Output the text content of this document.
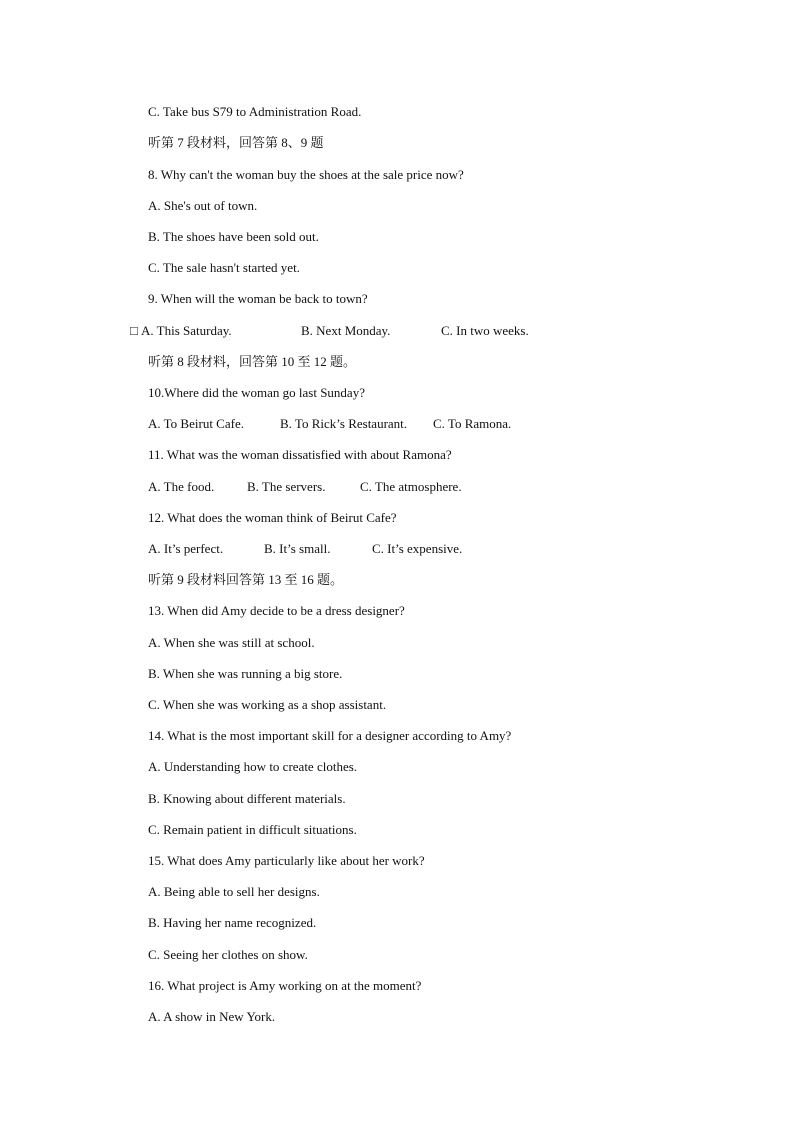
C. Take bus S79 to Administration Road.
听第 7 段材料，回答第 8、9 题
8. Why can't the woman buy the shoes at the sale price now?
A. She's out of town.
B. The shoes have been sold out.
C. The sale hasn't started yet.
9. When will the woman be back to town?
□ A. This Saturday.	B. Next Monday.	C. In two weeks.
听第 8 段材料，回答第 10 至 12 题。
10.Where did the woman go last Sunday?
A. To Beirut Cafe.	B. To Rick’s Restaurant. C. To Ramona.
11. What was the woman dissatisfied with about Ramona?
A. The food.	B. The servers.	C. The atmosphere.
12. What does the woman think of Beirut Cafe?
A. It’s perfect.	B. It’s small.	C. It’s expensive.
听第 9 段材料回答第 13 至 16 题。
13. When did Amy decide to be a dress designer?
A. When she was still at school.
B. When she was running a big store.
C. When she was working as a shop assistant.
14. What is the most important skill for a designer according to Amy?
A. Understanding how to create clothes.
B. Knowing about different materials.
C. Remain patient in difficult situations.
15. What does Amy particularly like about her work?
A. Being able to sell her designs.
B. Having her name recognized.
C. Seeing her clothes on show.
16. What project is Amy working on at the moment?
A. A show in New York.
